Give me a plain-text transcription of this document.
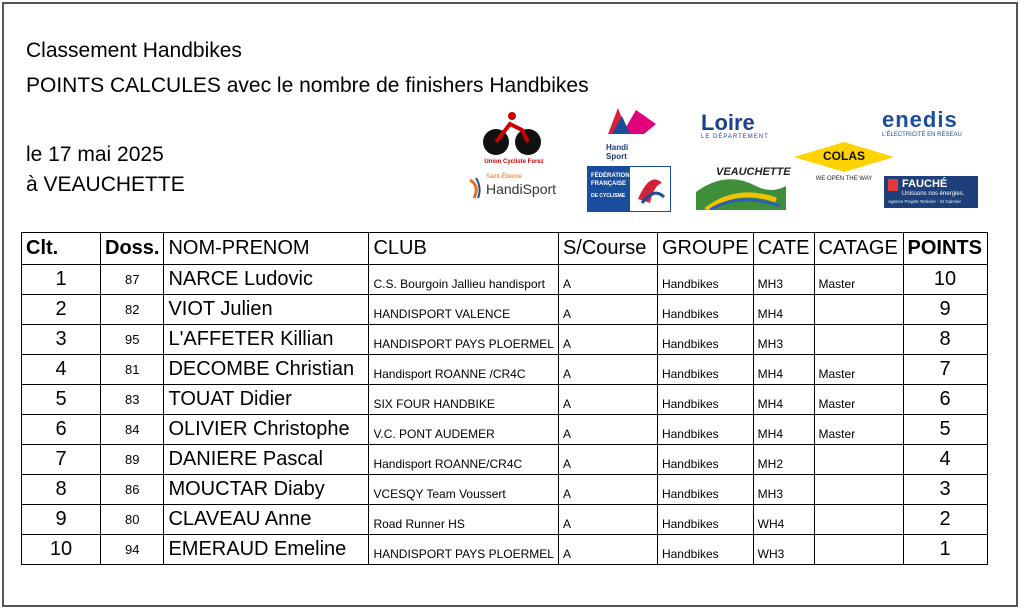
Classement Handbikes
POINTS CALCULES avec le nombre de finishers Handbikes
le 17 mai 2025
à VEAUCHETTE
Union Cycliste Forez
Handi Sport
Loire
LE DÉPARTEMENT
enedis
L'ÉLECTRICITÉ EN RÉSEAU
Saint-Étienne
HandiSport
FÉDÉRATION
FRANÇAISE
DE CYCLISME
VEAUCHETTE
COLAS
WE OPEN THE WAY	FAUCHÉ
Unissons nos énergies.
Agence Projets Tertiaire - St Galmier
Clt.	Doss.	NOM-PRENOM	CLUB	S/Course	GROUPE	CATE	CATAGE	POINTS
1	87	NARCE Ludovic	C.S. Bourgoin Jallieu handisport	A	Handbikes	MH3	Master	10
2	82	VIOT Julien	HANDISPORT VALENCE	A	Handbikes	MH4		9
3	95	L'AFFETER Killian	HANDISPORT PAYS PLOERMEL	A	Handbikes	MH3		8
4	81	DECOMBE Christian	Handisport ROANNE /CR4C	A	Handbikes	MH4	Master	7
5	83	TOUAT Didier	SIX FOUR HANDBIKE	A	Handbikes	MH4	Master	6
6	84	OLIVIER Christophe	V.C. PONT AUDEMER	A	Handbikes	MH4	Master	5
7	89	DANIERE Pascal	Handisport ROANNE/CR4C	A	Handbikes	MH2		4
8	86	MOUCTAR Diaby	VCESQY Team Voussert	A	Handbikes	MH3		3
9	80	CLAVEAU Anne	Road Runner HS	A	Handbikes	WH4		2
10	94	EMERAUD Emeline	HANDISPORT PAYS PLOERMEL	A	Handbikes	WH3		1
